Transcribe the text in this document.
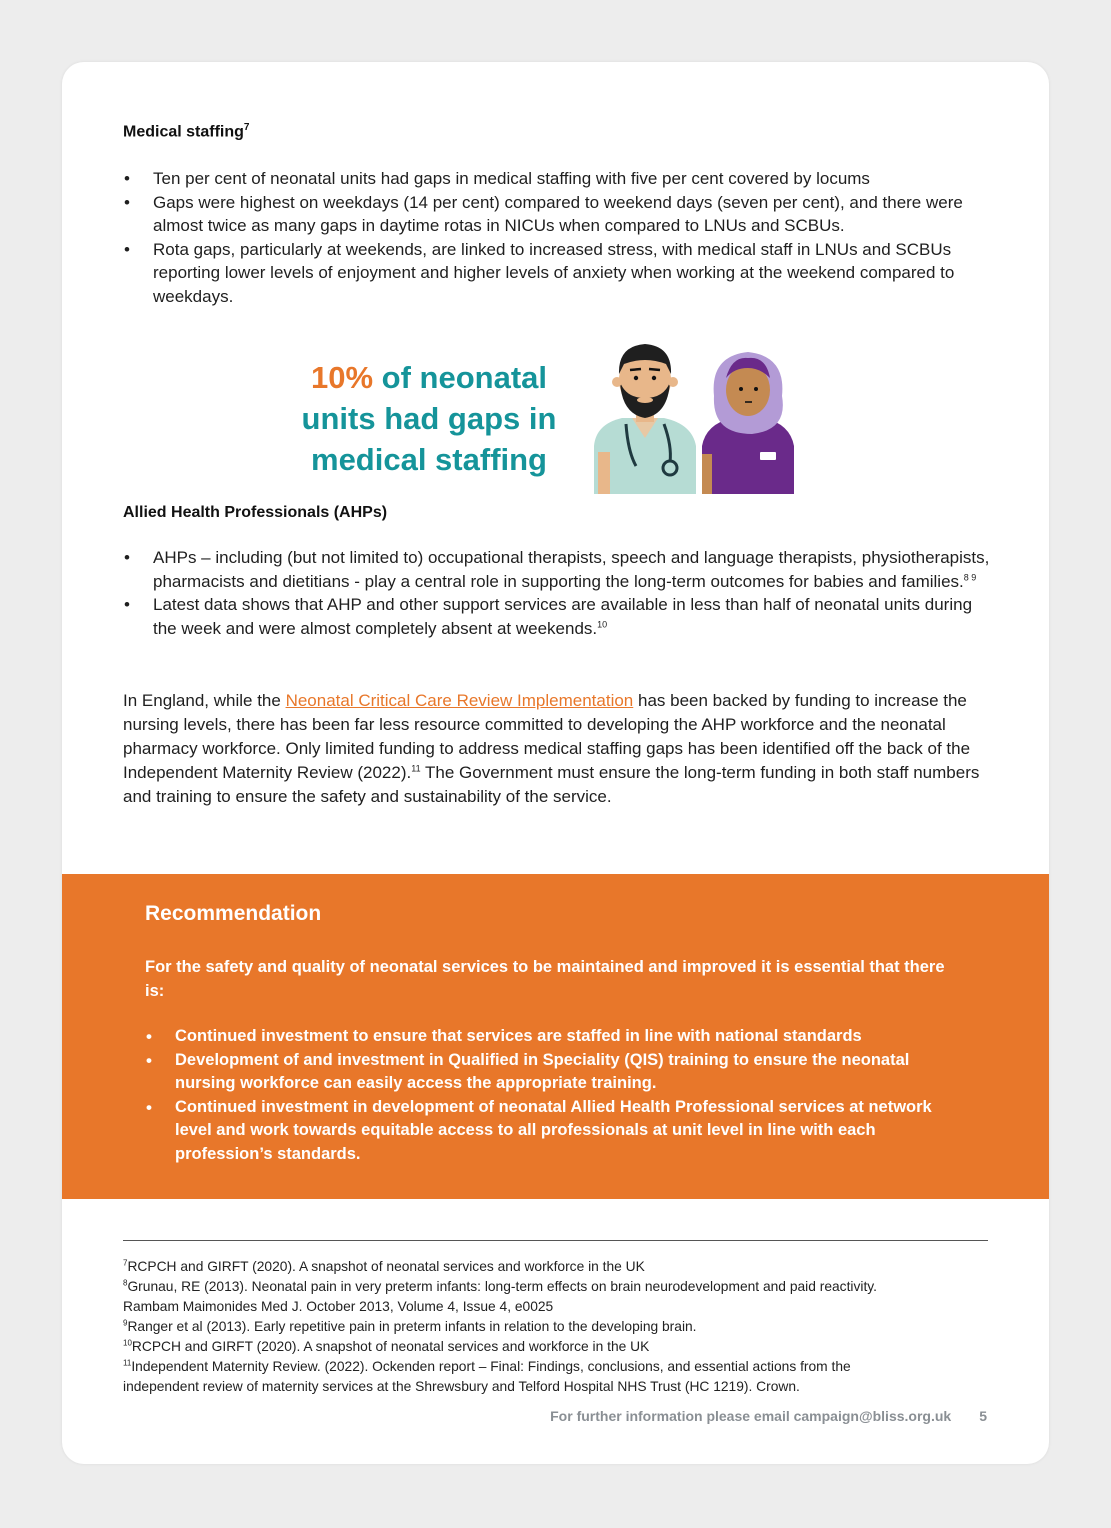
Medical staffing$^7$

• Ten per cent of neonatal units had gaps in medical staffing with five per cent covered by locums
• Gaps were highest on weekdays (14 per cent) compared to weekend days (seven per cent), and there were almost twice as many gaps in daytime rotas in NICUs when compared to LNUs and SCBUs.
• Rota gaps, particularly at weekends, are linked to increased stress, with medical staff in LNUs and SCBUs reporting lower levels of enjoyment and higher levels of anxiety when working at the weekend compared to weekdays.
10% of neonatal
units had gaps in
medical staffing

Allied Health Professionals (AHPs)

• AHPs – including (but not limited to) occupational therapists, speech and language therapists, physiotherapists, pharmacists and dietitians - play a central role in supporting the long-term outcomes for babies and families.$^{8 9}$
• Latest data shows that AHP and other support services are available in less than half of neonatal units during the week and were almost completely absent at weekends.$^{10}$

In England, while the Neonatal Critical Care Review Implementation has been backed by funding to increase the nursing levels, there has been far less resource committed to developing the AHP workforce and the neonatal pharmacy workforce. Only limited funding to address medical staffing gaps has been identified off the back of the Independent Maternity Review (2022).$^{11}$ The Government must ensure the long-term funding in both staff numbers and training to ensure the safety and sustainability of the service.

Recommendation

For the safety and quality of neonatal services to be maintained and improved it is essential that there is:

• Continued investment to ensure that services are staffed in line with national standards
• Development of and investment in Qualified in Speciality (QIS) training to ensure the neonatal nursing workforce can easily access the appropriate training.
• Continued investment in development of neonatal Allied Health Professional services at network level and work towards equitable access to all professionals at unit level in line with each profession’s standards.
$^7$RCPCH and GIRFT (2020). A snapshot of neonatal services and workforce in the UK
$^8$Grunau, RE (2013). Neonatal pain in very preterm infants: long-term effects on brain neurodevelopment and paid reactivity.
Rambam Maimonides Med J. October 2013, Volume 4, Issue 4, e0025
$^9$Ranger et al (2013). Early repetitive pain in preterm infants in relation to the developing brain.
$^{10}$RCPCH and GIRFT (2020). A snapshot of neonatal services and workforce in the UK
$^{11}$Independent Maternity Review. (2022). Ockenden report – Final: Findings, conclusions, and essential actions from the
independent review of maternity services at the Shrewsbury and Telford Hospital NHS Trust (HC 1219). Crown.
For further information please email campaign@bliss.org.uk 5
